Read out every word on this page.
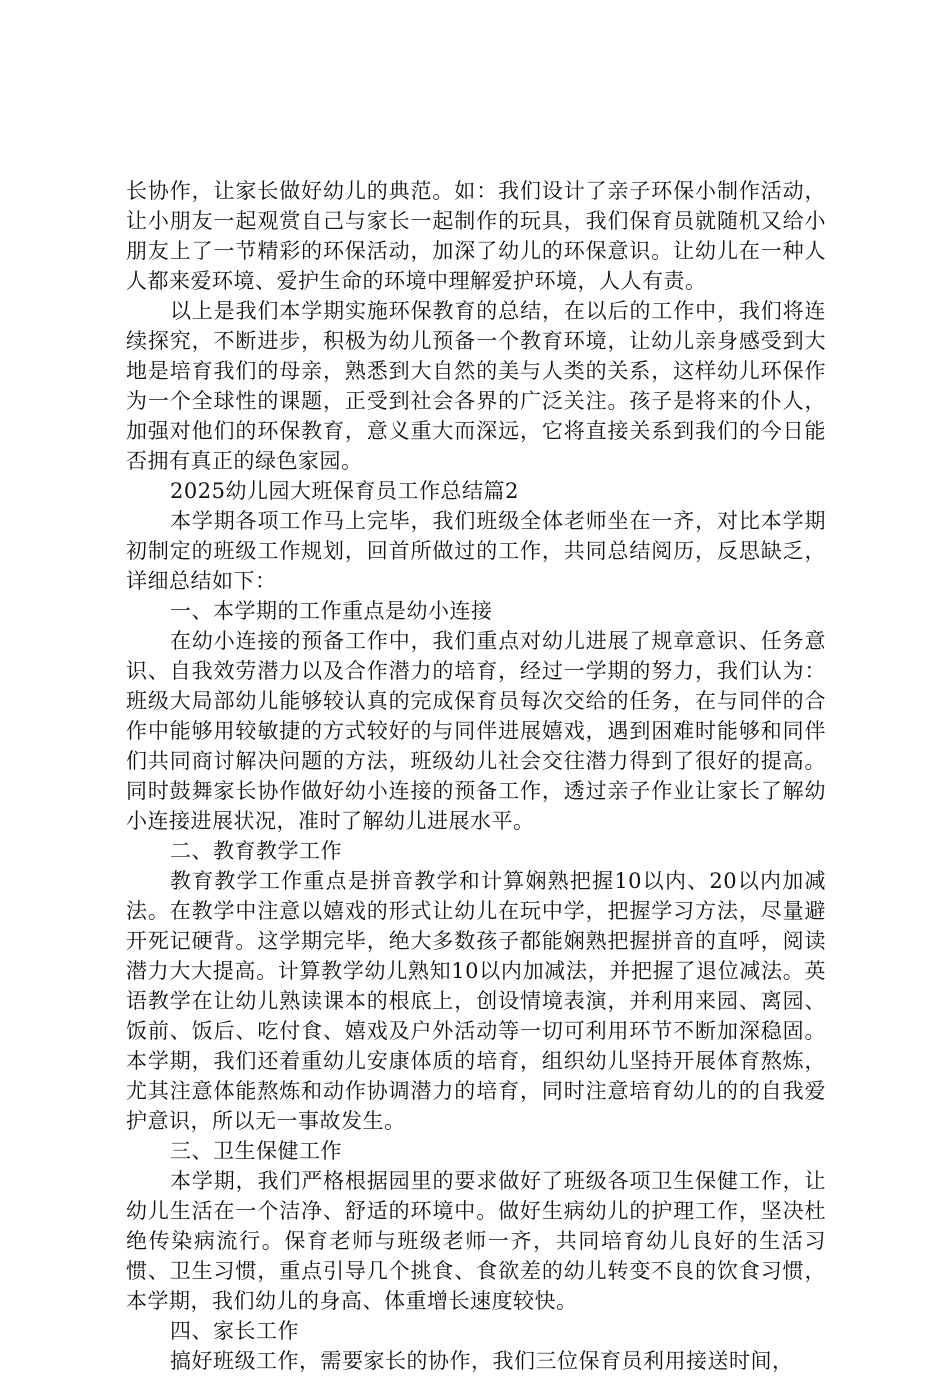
长协作，让家长做好幼儿的典范。如：我们设计了亲子环保小制作活动，让小朋友一起观赏自己与家长一起制作的玩具，我们保育员就随机又给小朋友上了一节精彩的环保活动，加深了幼儿的环保意识。让幼儿在一种人人都来爱环境、爱护生命的环境中理解爱护环境，人人有责。

以上是我们本学期实施环保教育的总结，在以后的工作中，我们将连续探究，不断进步，积极为幼儿预备一个教育环境，让幼儿亲身感受到大地是培育我们的母亲，熟悉到大自然的美与人类的关系，这样幼儿环保作为一个全球性的课题，正受到社会各界的广泛关注。孩子是将来的仆人，加强对他们的环保教育，意义重大而深远，它将直接关系到我们的今日能否拥有真正的绿色家园。

2025幼儿园大班保育员工作总结篇2

本学期各项工作马上完毕，我们班级全体老师坐在一齐，对比本学期初制定的班级工作规划，回首所做过的工作，共同总结阅历，反思缺乏，详细总结如下：

一、本学期的工作重点是幼小连接

在幼小连接的预备工作中，我们重点对幼儿进展了规章意识、任务意识、自我效劳潜力以及合作潜力的培育，经过一学期的努力，我们认为：班级大局部幼儿能够较认真的完成保育员每次交给的任务，在与同伴的合作中能够用较敏捷的方式较好的与同伴进展嬉戏，遇到困难时能够和同伴们共同商讨解决问题的方法，班级幼儿社会交往潜力得到了很好的提高。同时鼓舞家长协作做好幼小连接的预备工作，透过亲子作业让家长了解幼小连接进展状况，准时了解幼儿进展水平。

二、教育教学工作

教育教学工作重点是拼音教学和计算娴熟把握10以内、20以内加减法。在教学中注意以嬉戏的形式让幼儿在玩中学，把握学习方法，尽量避开死记硬背。这学期完毕，绝大多数孩子都能娴熟把握拼音的直呼，阅读潜力大大提高。计算教学幼儿熟知10以内加减法，并把握了退位减法。英语教学在让幼儿熟读课本的根底上，创设情境表演，并利用来园、离园、饭前、饭后、吃付食、嬉戏及户外活动等一切可利用环节不断加深稳固。本学期，我们还着重幼儿安康体质的培育，组织幼儿坚持开展体育熬炼，尤其注意体能熬炼和动作协调潜力的培育，同时注意培育幼儿的的自我爱护意识，所以无一事故发生。

三、卫生保健工作

本学期，我们严格根据园里的要求做好了班级各项卫生保健工作，让幼儿生活在一个洁净、舒适的环境中。做好生病幼儿的护理工作，坚决杜绝传染病流行。保育老师与班级老师一齐，共同培育幼儿良好的生活习惯、卫生习惯，重点引导几个挑食、食欲差的幼儿转变不良的饮食习惯，本学期，我们幼儿的身高、体重增长速度较快。

四、家长工作

搞好班级工作，需要家长的协作，我们三位保育员利用接送时间，
